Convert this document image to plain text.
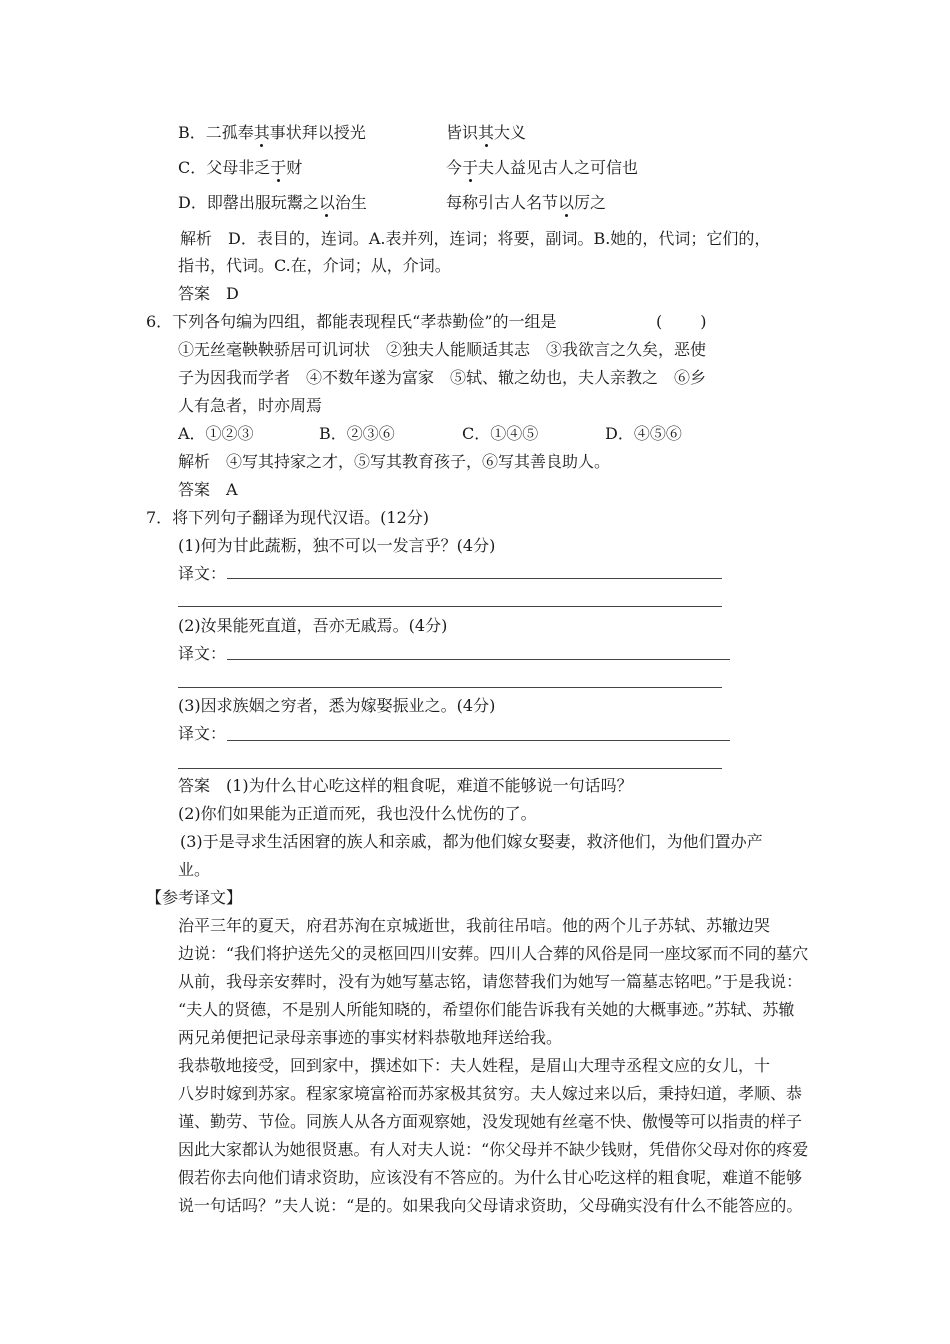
B．二孤奉其事状拜以授光	皆识其大义
C．父母非乏于财	今于夫人益见古人之可信也
D．即罄出服玩鬻之以治生	每称引古人名节以厉之
解析　D．表目的，连词。A.表并列，连词；将要，副词。B.她的，代词；它们的，
指书，代词。C.在，介词；从，介词。
答案　D
6．下列各句编为四组，都能表现程氏“孝恭勤俭”的一组是	(　　)
①无丝毫鞅鞅骄居可讥诃状　②独夫人能顺适其志　③我欲言之久矣，恶使
子为因我而学者　④不数年遂为富家　⑤轼、辙之幼也，夫人亲教之　⑥乡
人有急者，时亦周焉
A．①②③	B．②③⑥	C．①④⑤	D．④⑤⑥
解析　④写其持家之才，⑤写其教育孩子，⑥写其善良助人。
答案　A
7．将下列句子翻译为现代汉语。(12分)
(1)何为甘此蔬粝，独不可以一发言乎？(4分)
译文：
(2)汝果能死直道，吾亦无戚焉。(4分)
译文：
(3)因求族姻之穷者，悉为嫁娶振业之。(4分)
译文：
答案　(1)为什么甘心吃这样的粗食呢，难道不能够说一句话吗？
(2)你们如果能为正道而死，我也没什么忧伤的了。
(3)于是寻求生活困窘的族人和亲戚，都为他们嫁女娶妻，救济他们，为他们置办产
业。
【参考译文】
治平三年的夏天，府君苏洵在京城逝世，我前往吊唁。他的两个儿子苏轼、苏辙边哭
边说：“我们将护送先父的灵柩回四川安葬。四川人合葬的风俗是同一座坟冢而不同的墓穴
从前，我母亲安葬时，没有为她写墓志铭，请您替我们为她写一篇墓志铭吧。”于是我说：
“夫人的贤德，不是别人所能知晓的，希望你们能告诉我有关她的大概事迹。”苏轼、苏辙
两兄弟便把记录母亲事迹的事实材料恭敬地拜送给我。
我恭敬地接受，回到家中，撰述如下：夫人姓程，是眉山大理寺丞程文应的女儿，十
八岁时嫁到苏家。程家家境富裕而苏家极其贫穷。夫人嫁过来以后，秉持妇道，孝顺、恭
谨、勤劳、节俭。同族人从各方面观察她，没发现她有丝毫不快、傲慢等可以指责的样子
因此大家都认为她很贤惠。有人对夫人说：“你父母并不缺少钱财，凭借你父母对你的疼爱
假若你去向他们请求资助，应该没有不答应的。为什么甘心吃这样的粗食呢，难道不能够
说一句话吗？”夫人说：“是的。如果我向父母请求资助，父母确实没有什么不能答应的。
